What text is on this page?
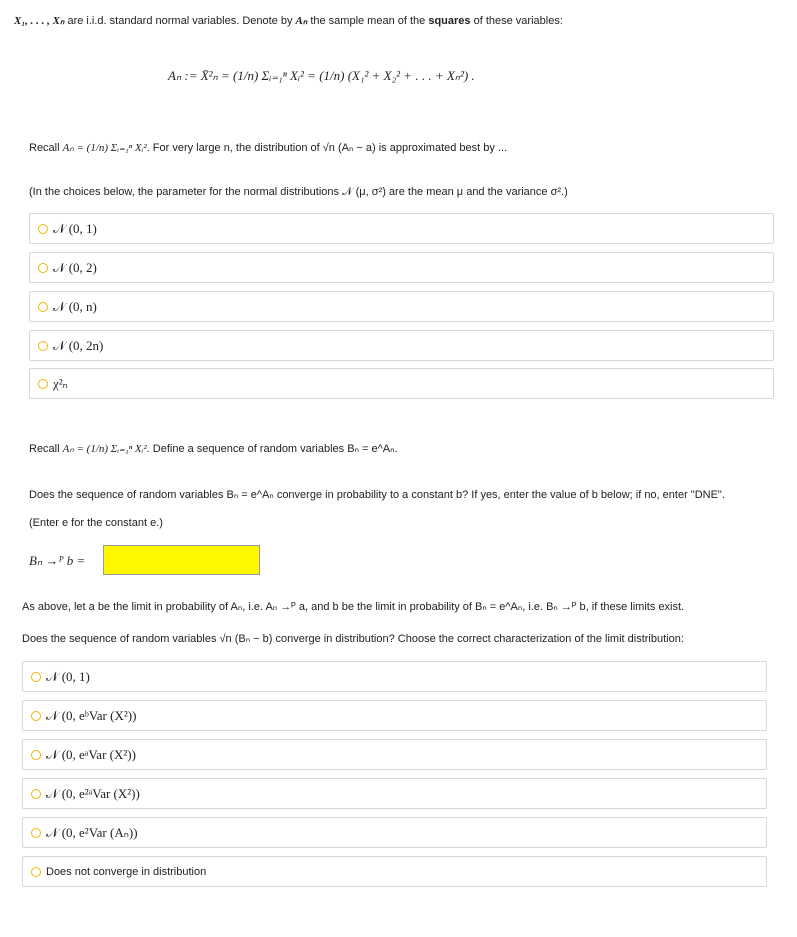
X₁, . . . , Xₙ are i.i.d. standard normal variables. Denote by Aₙ the sample mean of the squares of these variables:
Aₙ := X̄²ₙ = (1/n) Σᵢ₌₁ⁿ Xᵢ² = (1/n) (X₁² + X₂² + . . . + Xₙ²) .
Recall Aₙ = (1/n) Σᵢ₌₁ⁿ Xᵢ². For very large n, the distribution of √n (Aₙ − a) is approximated best by ...
(In the choices below, the parameter for the normal distributions 𝒩 (μ, σ²) are the mean μ and the variance σ².)
𝒩 (0, 1)
𝒩 (0, 2)
𝒩 (0, n)
𝒩 (0, 2n)
χ²ₙ
Recall Aₙ = (1/n) Σᵢ₌₁ⁿ Xᵢ². Define a sequence of random variables Bₙ = e^Aₙ.
Does the sequence of random variables Bₙ = e^Aₙ converge in probability to a constant b? If yes, enter the value of b below; if no, enter "DNE".
(Enter e for the constant e.)
Bₙ →ᴾ b =
As above, let a be the limit in probability of Aₙ, i.e. Aₙ →ᴾ a, and b be the limit in probability of Bₙ = e^Aₙ, i.e. Bₙ →ᴾ b, if these limits exist.
Does the sequence of random variables √n (Bₙ − b) converge in distribution? Choose the correct characterization of the limit distribution:
𝒩 (0, 1)
𝒩 (0, eᵇVar (X²))
𝒩 (0, eᵃVar (X²))
𝒩 (0, e²ᵃVar (X²))
𝒩 (0, e²Var (Aₙ))
Does not converge in distribution
